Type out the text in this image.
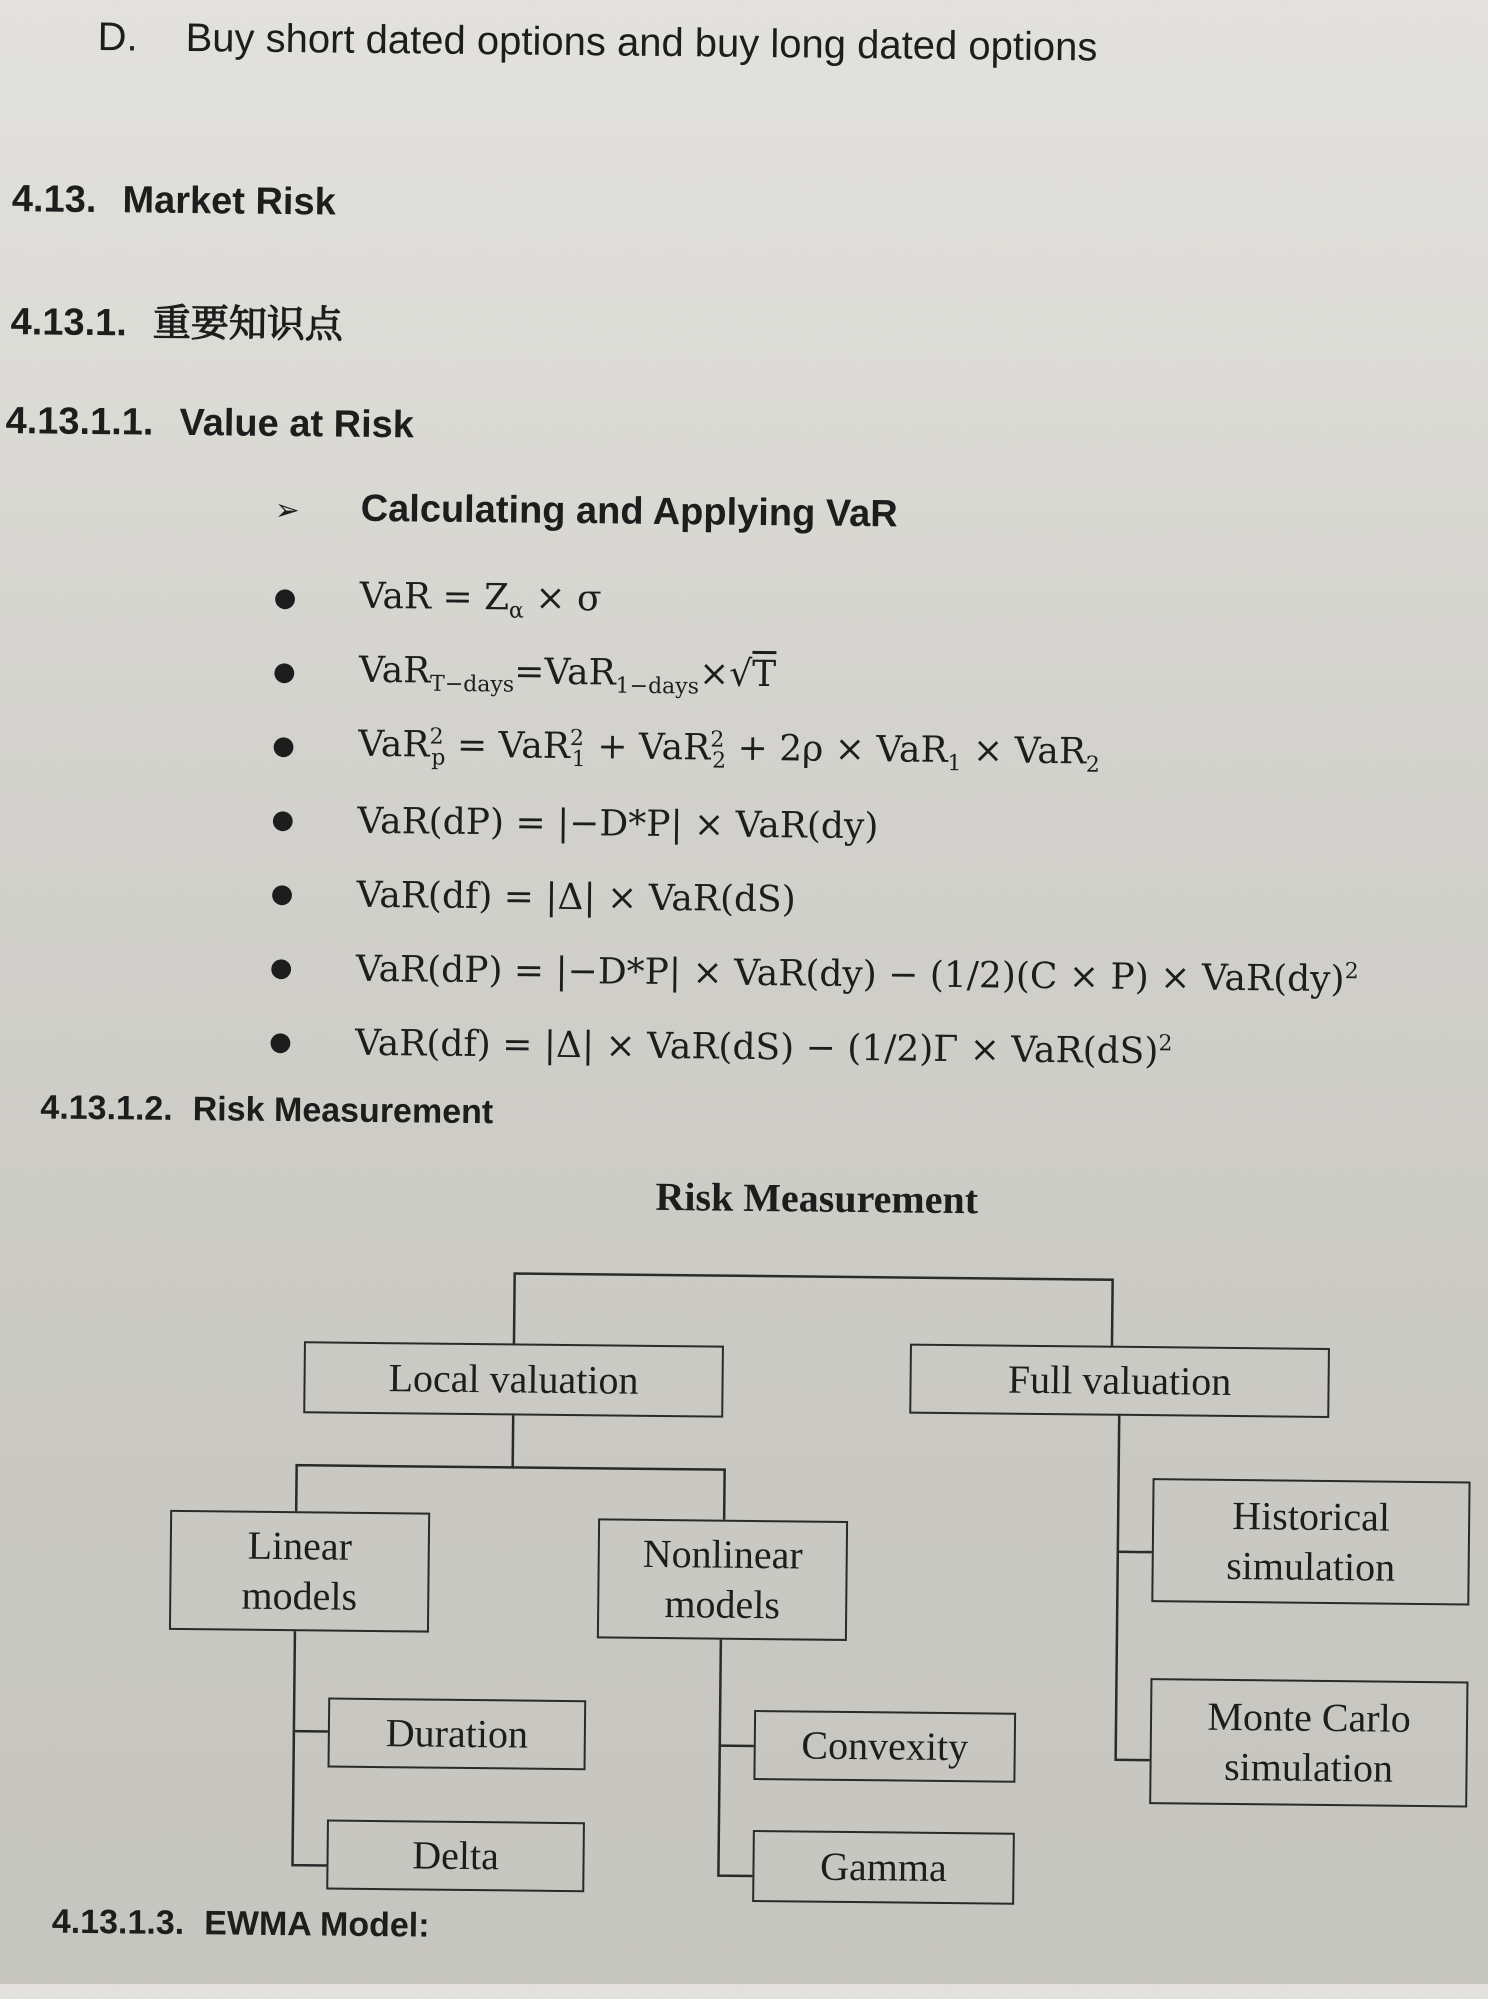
D. Buy short dated options and buy long dated options
4.13. Market Risk
4.13.1. 重要知识点
4.13.1.1. Value at Risk
➢ Calculating and Applying VaR
●	VaR = $Z_\alpha \times \sigma$
●	VaR$_{T-days}$=VaR$_{1-days}$×√T
●	VaR$^2_p$ = VaR$^2_1$ + VaR$^2_2$ + 2ρ × VaR$_1$ × VaR$_2$
●	VaR(dP) = |−D*P| × VaR(dy)
●	VaR(df) = |Δ| × VaR(dS)
●	VaR(dP) = |−D*P| × VaR(dy) − (1/2)(C × P) × VaR(dy)$^2$
●	VaR(df) = |Δ| × VaR(dS) − (1/2)Γ × VaR(dS)$^2$
4.13.1.2. Risk Measurement
Risk Measurement
Local valuation	Full valuation
Linear
models
Nonlinear
models
Duration
Delta
Convexity
Gamma
Historical
simulation
Monte Carlo
simulation
4.13.1.3. EWMA Model:
